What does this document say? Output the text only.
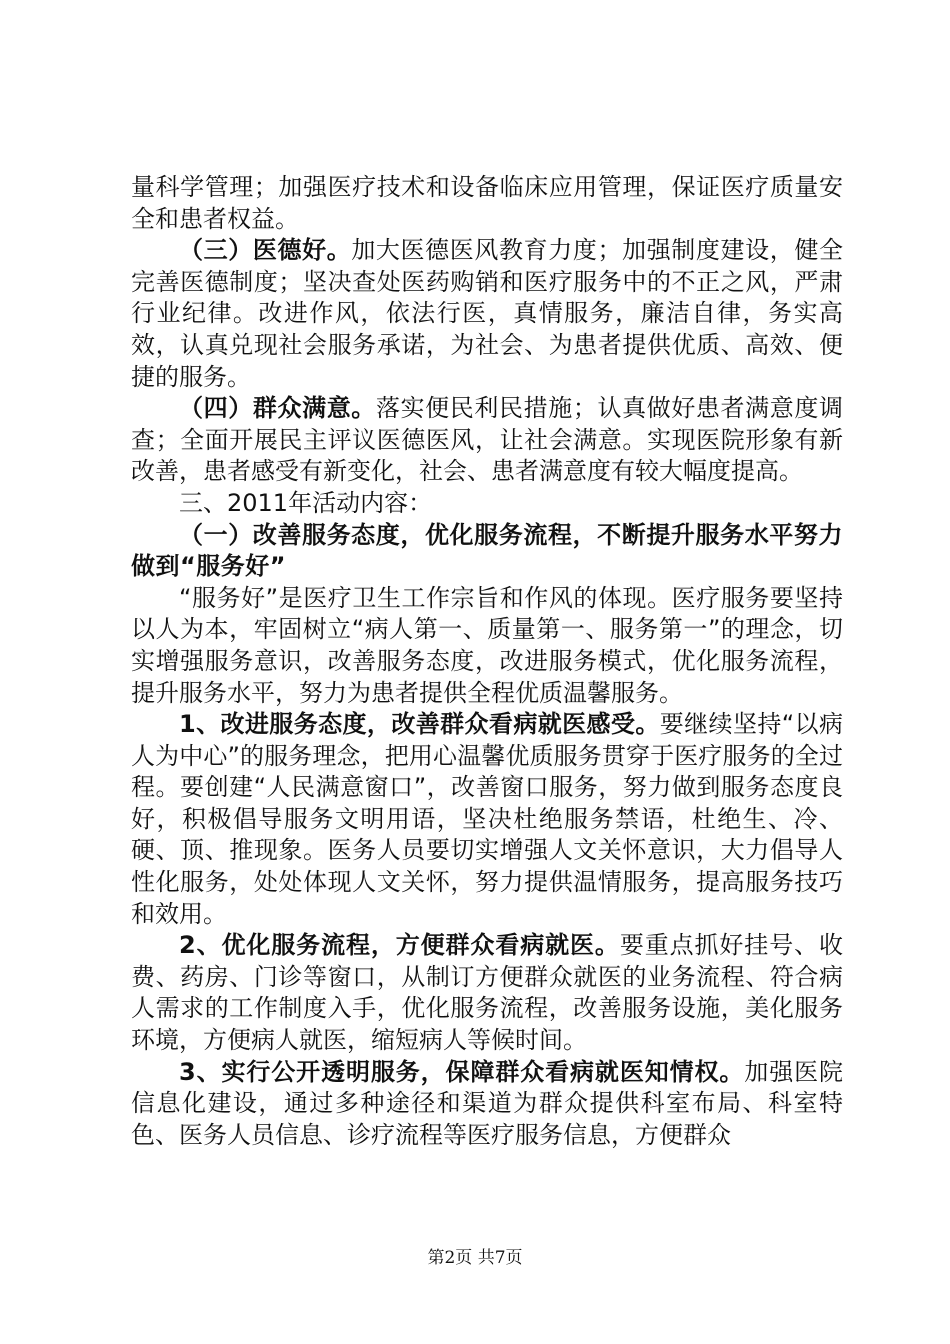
量科学管理；加强医疗技术和设备临床应用管理，保证医疗质量安全和患者权益。

（三）医德好。加大医德医风教育力度；加强制度建设，健全完善医德制度；坚决查处医药购销和医疗服务中的不正之风，严肃行业纪律。改进作风，依法行医，真情服务，廉洁自律，务实高效，认真兑现社会服务承诺，为社会、为患者提供优质、高效、便捷的服务。

（四）群众满意。落实便民利民措施；认真做好患者满意度调查；全面开展民主评议医德医风，让社会满意。实现医院形象有新改善，患者感受有新变化，社会、患者满意度有较大幅度提高。

三、2011年活动内容：

（一）改善服务态度，优化服务流程，不断提升服务水平努力做到“服务好”

“服务好”是医疗卫生工作宗旨和作风的体现。医疗服务要坚持以人为本，牢固树立“病人第一、质量第一、服务第一”的理念，切实增强服务意识，改善服务态度，改进服务模式，优化服务流程，提升服务水平，努力为患者提供全程优质温馨服务。

1、改进服务态度，改善群众看病就医感受。要继续坚持“以病人为中心”的服务理念，把用心温馨优质服务贯穿于医疗服务的全过程。要创建“人民满意窗口”，改善窗口服务，努力做到服务态度良好，积极倡导服务文明用语，坚决杜绝服务禁语，杜绝生、冷、硬、顶、推现象。医务人员要切实增强人文关怀意识，大力倡导人性化服务，处处体现人文关怀，努力提供温情服务，提高服务技巧和效用。

2、优化服务流程，方便群众看病就医。要重点抓好挂号、收费、药房、门诊等窗口，从制订方便群众就医的业务流程、符合病人需求的工作制度入手，优化服务流程，改善服务设施，美化服务环境，方便病人就医，缩短病人等候时间。

3、实行公开透明服务，保障群众看病就医知情权。加强医院信息化建设，通过多种途径和渠道为群众提供科室布局、科室特色、医务人员信息、诊疗流程等医疗服务信息，方便群众

第2页 共7页
